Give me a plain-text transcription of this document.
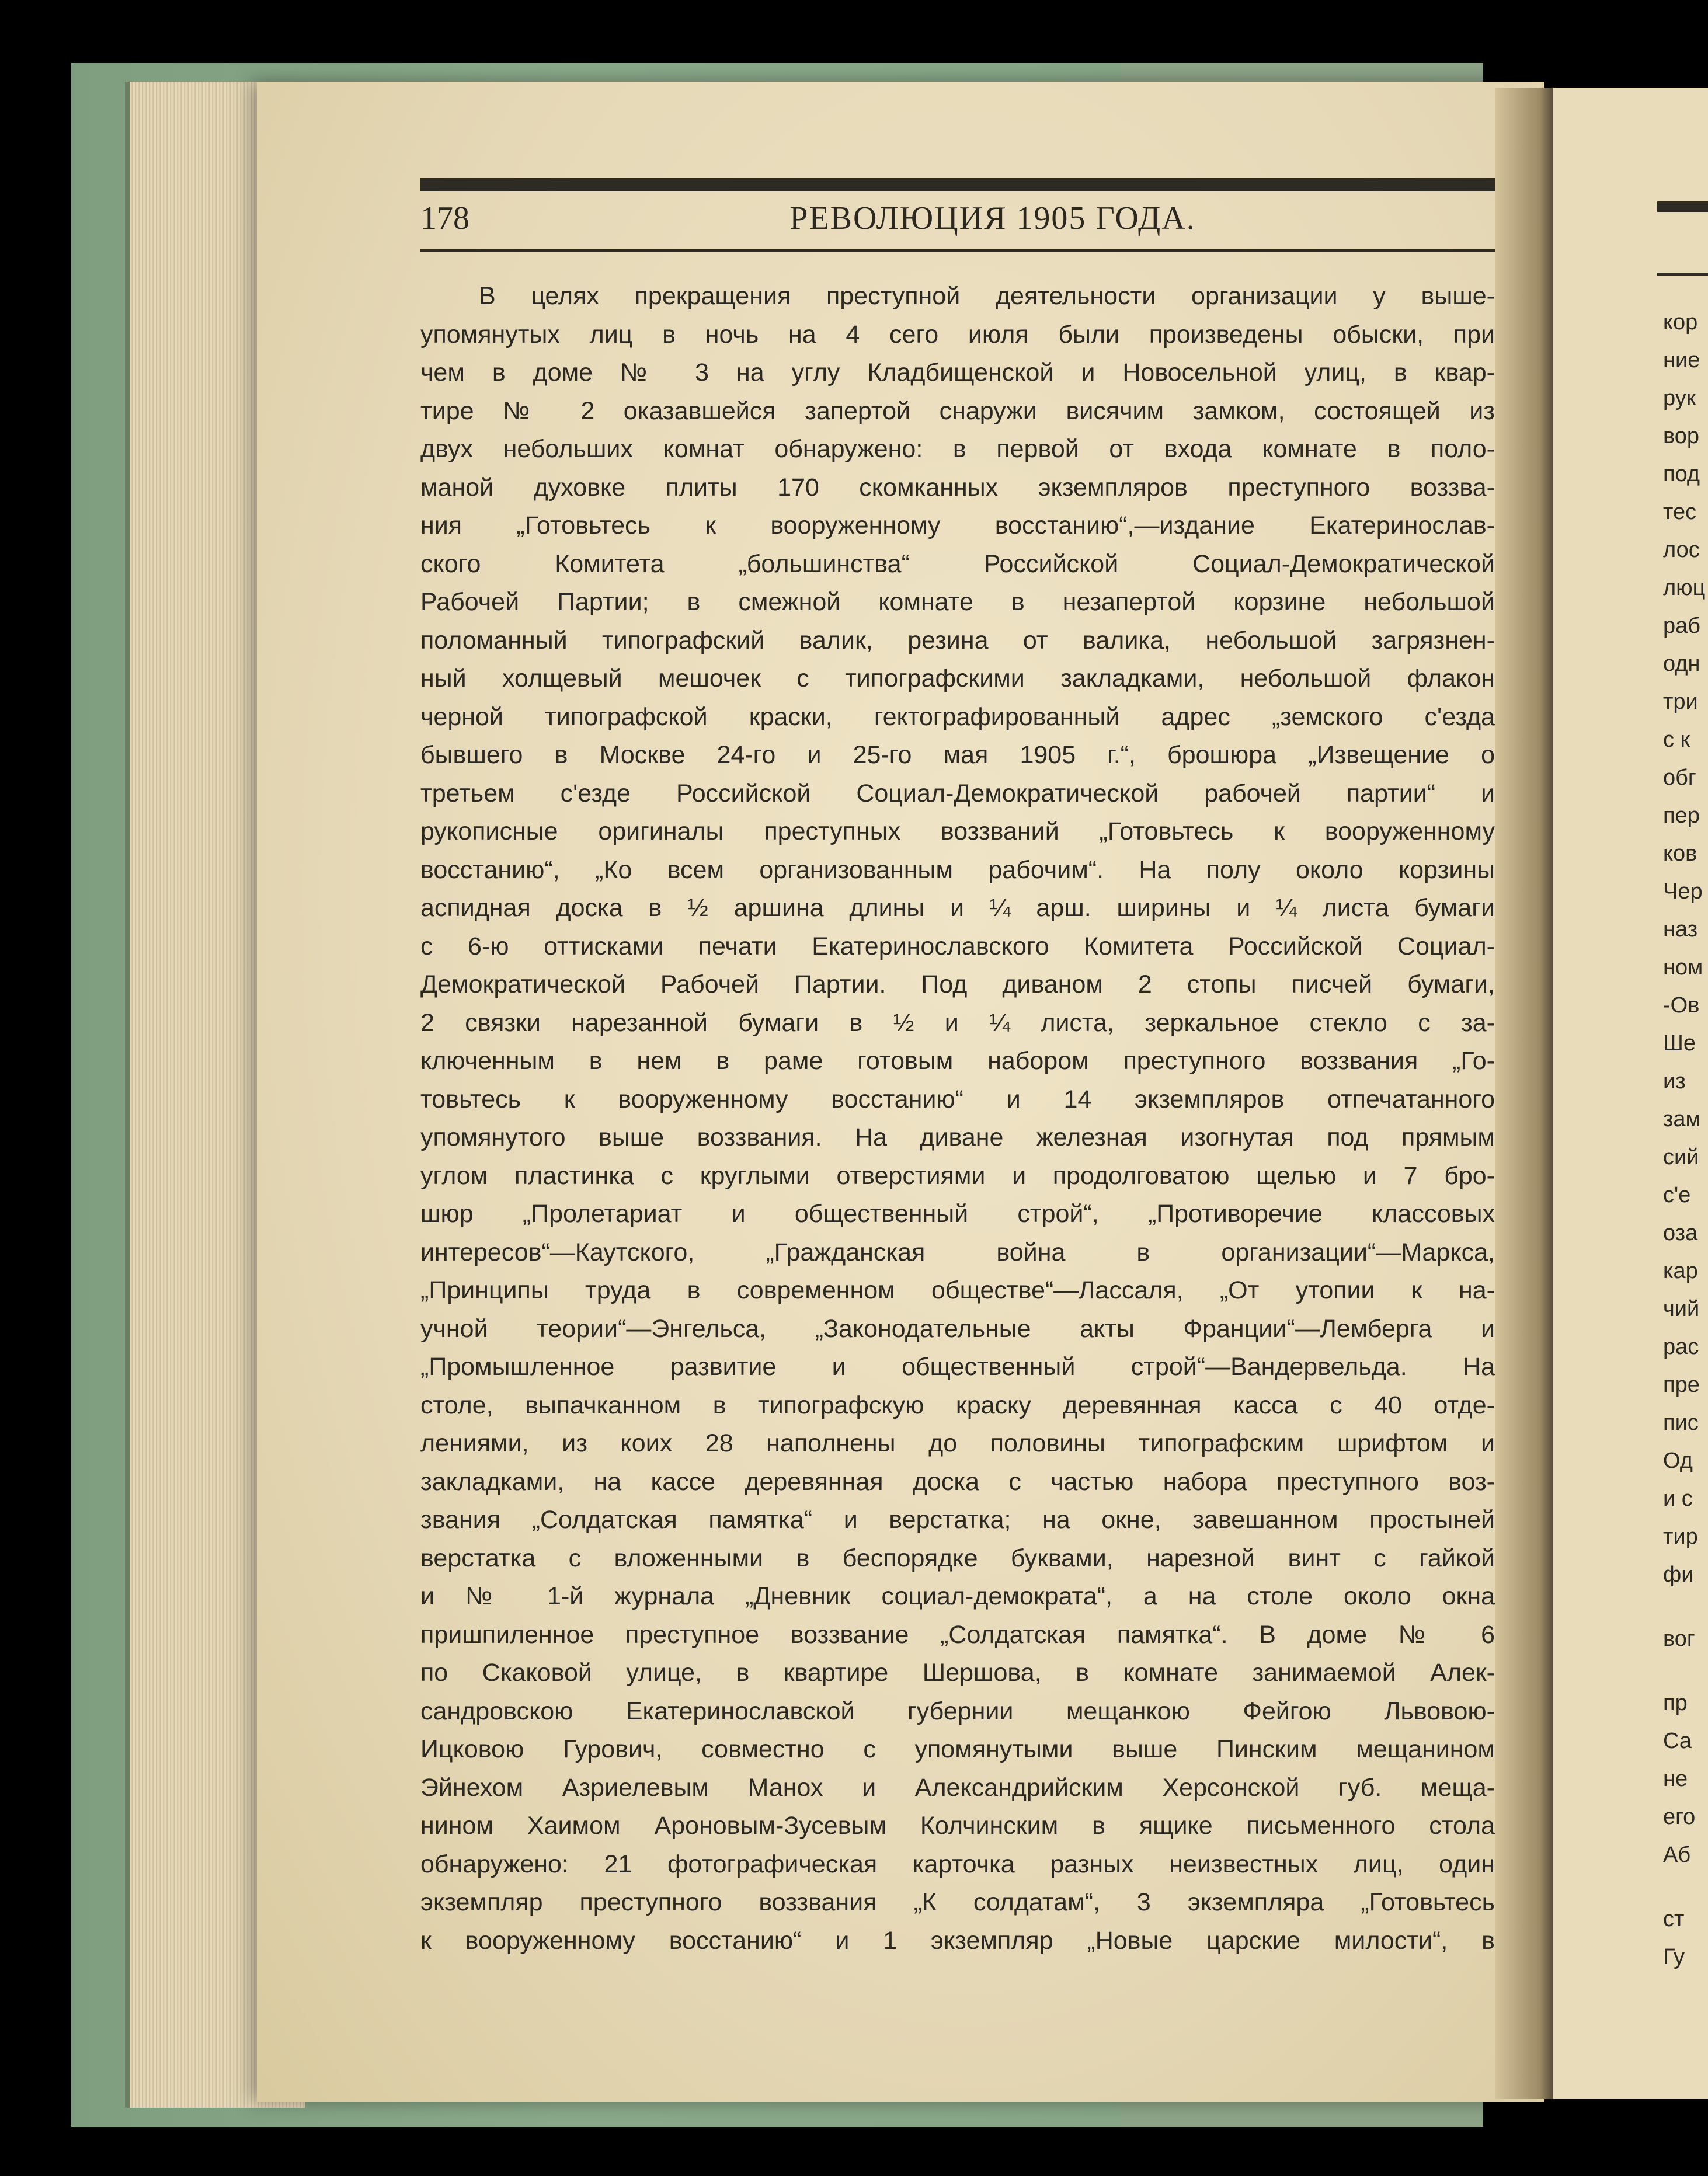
кор
ние
рук
вор
под
тес
лос
люц
раб
одн
три
с к
обг
пер
ков
Чер
наз
ном
-Ов
Ше
из
зам
сий
с'е
оза
кар
чий
рас
пре
пис
Од
и с
тир
фи
вог
пр
Са
не
его
Аб
ст
Гу
178	РЕВОЛЮЦИЯ 1905 ГОДА.
В целях прекращения преступной деятельности организации у выше-
упомянутых лиц в ночь на 4 сего июля были произведены обыски, при
чем в доме № 3 на углу Кладбищенской и Новосельной улиц, в квар-
тире № 2 оказавшейся запертой снаружи висячим замком, состоящей из
двух небольших комнат обнаружено: в первой от входа комнате в поло-
маной духовке плиты 170 скомканных экземпляров преступного воззва-
ния „Готовьтесь к вооруженному восстанию“,—издание Екатеринослав-
ского Комитета „большинства“ Российской Социал-Демократической
Рабочей Партии; в смежной комнате в незапертой корзине небольшой
поломанный типографский валик, резина от валика, небольшой загрязнен-
ный холщевый мешочек с типографскими закладками, небольшой флакон
черной типографской краски, гектографированный адрес „земского с'езда
бывшего в Москве 24-го и 25-го мая 1905 г.“, брошюра „Извещение о
третьем с'езде Российской Социал-Демократической рабочей партии“ и
рукописные оригиналы преступных воззваний „Готовьтесь к вооруженному
восстанию“, „Ко всем организованным рабочим“. На полу около корзины
аспидная доска в ½ аршина длины и ¼ арш. ширины и ¼ листа бумаги
с 6-ю оттисками печати Екатеринославского Комитета Российской Социал-
Демократической Рабочей Партии. Под диваном 2 стопы писчей бумаги,
2 связки нарезанной бумаги в ½ и ¼ листа, зеркальное стекло с за-
ключенным в нем в раме готовым набором преступного воззвания „Го-
товьтесь к вооруженному восстанию“ и 14 экземпляров отпечатанного
упомянутого выше воззвания. На диване железная изогнутая под прямым
углом пластинка с круглыми отверстиями и продолговатою щелью и 7 бро-
шюр „Пролетариат и общественный строй“, „Противоречие классовых
интересов“—Каутского, „Гражданская война в организации“—Маркса,
„Принципы труда в современном обществе“—Лассаля, „От утопии к на-
учной теории“—Энгельса, „Законодательные акты Франции“—Лемберга и
„Промышленное развитие и общественный строй“—Вандервельда. На
столе, выпачканном в типографскую краску деревянная касса с 40 отде-
лениями, из коих 28 наполнены до половины типографским шрифтом и
закладками, на кассе деревянная доска с частью набора преступного воз-
звания „Солдатская памятка“ и верстатка; на окне, завешанном простыней
верстатка с вложенными в беспорядке буквами, нарезной винт с гайкой
и № 1-й журнала „Дневник социал-демократа“, а на столе около окна
пришпиленное преступное воззвание „Солдатская памятка“. В доме № 6
по Скаковой улице, в квартире Шершова, в комнате занимаемой Алек-
сандровскою Екатеринославской губернии мещанкою Фейгою Львовою-
Ицковою Гурович, совместно с упомянутыми выше Пинским мещанином
Эйнехом Азриелевым Манох и Александрийским Херсонской губ. меща-
нином Хаимом Ароновым-Зусевым Колчинским в ящике письменного стола
обнаружено: 21 фотографическая карточка разных неизвестных лиц, один
экземпляр преступного воззвания „К солдатам“, 3 экземпляра „Готовьтесь
к вооруженному восстанию“ и 1 экземпляр „Новые царские милости“, в
